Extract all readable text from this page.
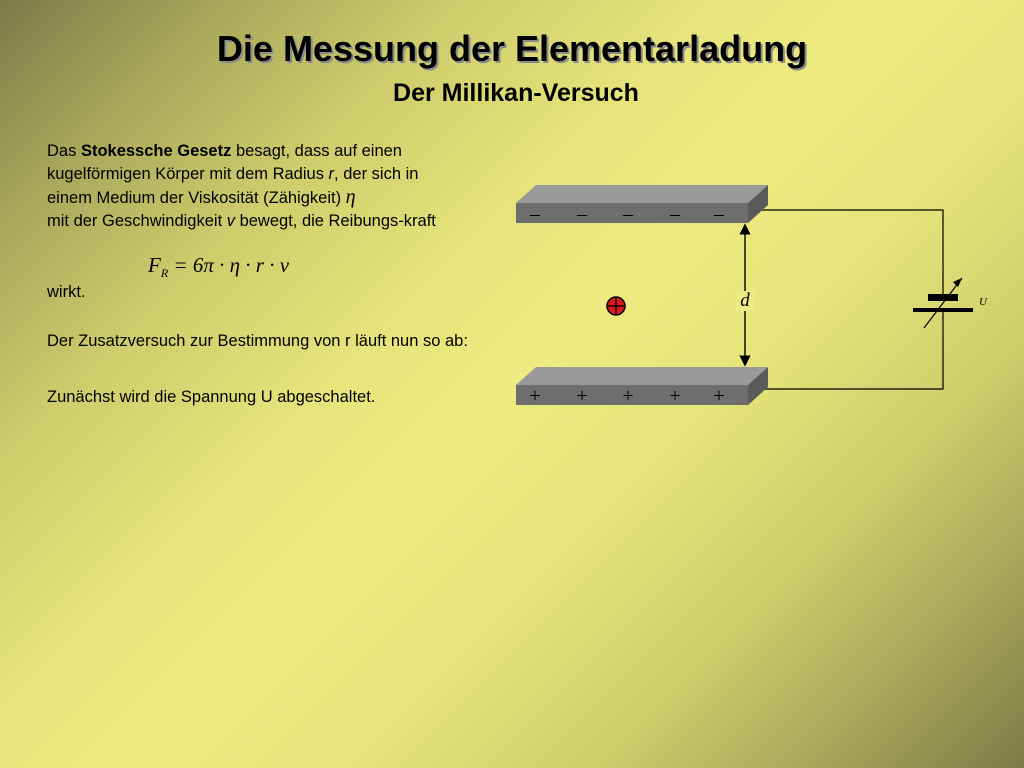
Die Messung der Elementarladung
Der Millikan-Versuch

Das Stokessche Gesetz besagt, dass auf einen kugelförmigen Körper mit dem Radius r, der sich in einem Medium der Viskosität (Zähigkeit) η
mit der Geschwindigkeit v bewegt, die Reibungs-kraft

$F_R = 6\pi \cdot \eta \cdot r \cdot v$
wirkt.
Der Zusatzversuch zur Bestimmung von r läuft nun so ab:
Zunächst wird die Spannung U abgeschaltet.
– – – – –
+ + + + +
d	U
